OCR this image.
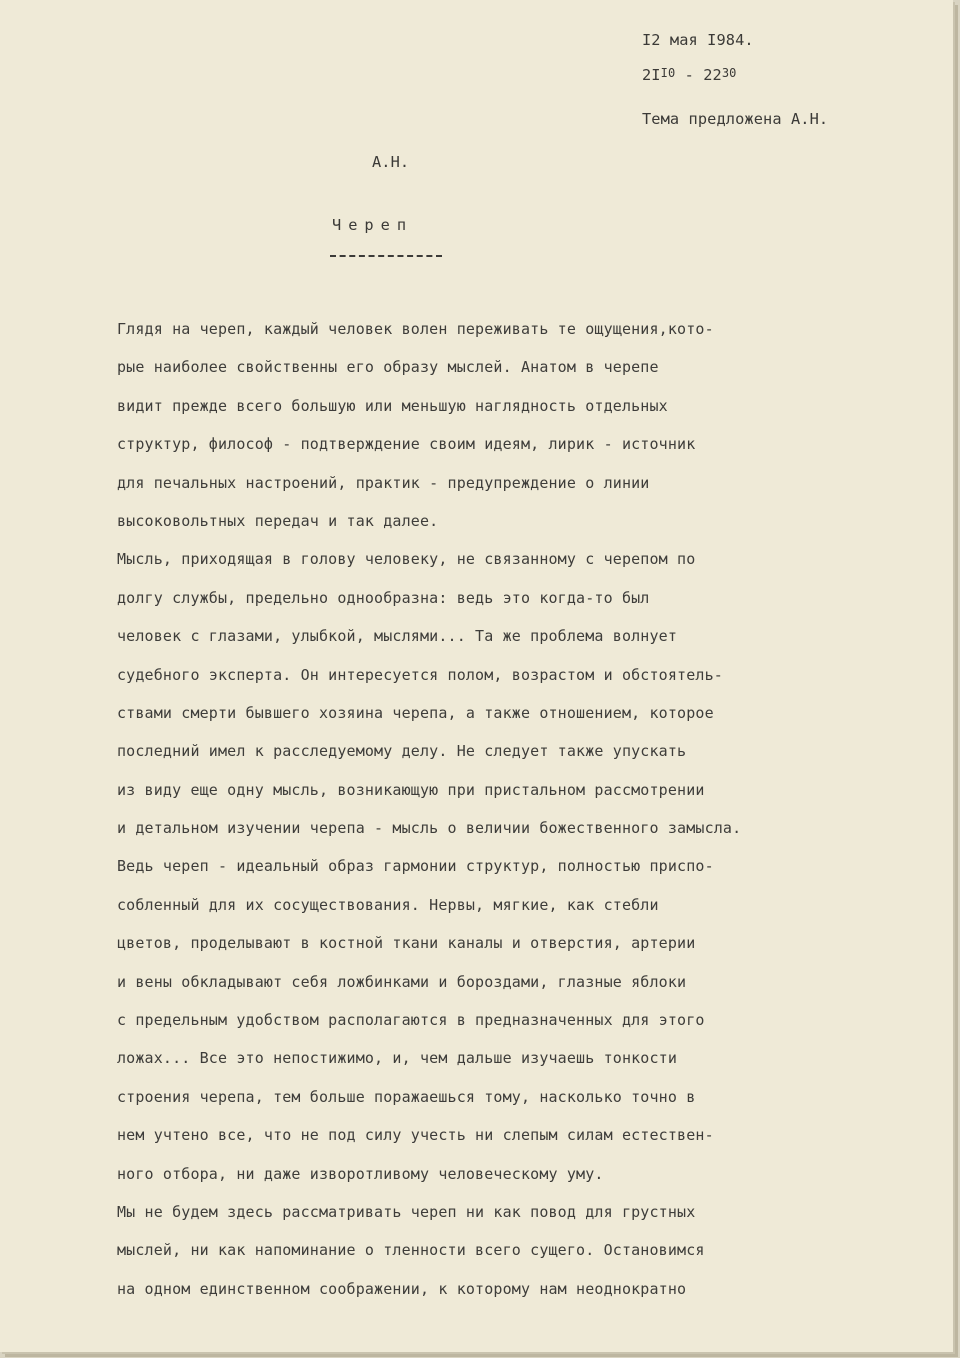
I2 мая I984.
$2I^{I0} - 22^{30}$
Тема предложена А.Н.
А.Н.
Череп
Глядя на череп, каждый человек волен переживать те ощущения,кото-
рые наиболее свойственны его образу мыслей. Анатом в черепе
видит прежде всего большую или меньшую наглядность отдельных
структур, философ - подтверждение своим идеям, лирик - источник
для печальных настроений, практик - предупреждение о линии
высоковольтных передач и так далее.
Мысль, приходящая в голову человеку, не связанному с черепом по
долгу службы, предельно однообразна: ведь это когда-то был
человек с глазами, улыбкой, мыслями... Та же проблема волнует
судебного эксперта. Он интересуется полом, возрастом и обстоятель-
ствами смерти бывшего хозяина черепа, а также отношением, которое
последний имел к расследуемому делу. Не следует также упускать
из виду еще одну мысль, возникающую при пристальном рассмотрении
и детальном изучении черепа - мысль о величии божественного замысла.
Ведь череп - идеальный образ гармонии структур, полностью приспо-
собленный для их сосуществования. Нервы, мягкие, как стебли
цветов, проделывают в костной ткани каналы и отверстия, артерии
и вены обкладывают себя ложбинками и бороздами, глазные яблоки
с предельным удобством располагаются в предназначенных для этого
ложах... Все это непостижимо, и, чем дальше изучаешь тонкости
строения черепа, тем больше поражаешься тому, насколько точно в
нем учтено все, что не под силу учесть ни слепым силам естествен-
ного отбора, ни даже изворотливому человеческому уму.
Мы не будем здесь рассматривать череп ни как повод для грустных
мыслей, ни как напоминание о тленности всего сущего. Остановимся
на одном единственном соображении, к которому нам неоднократно
